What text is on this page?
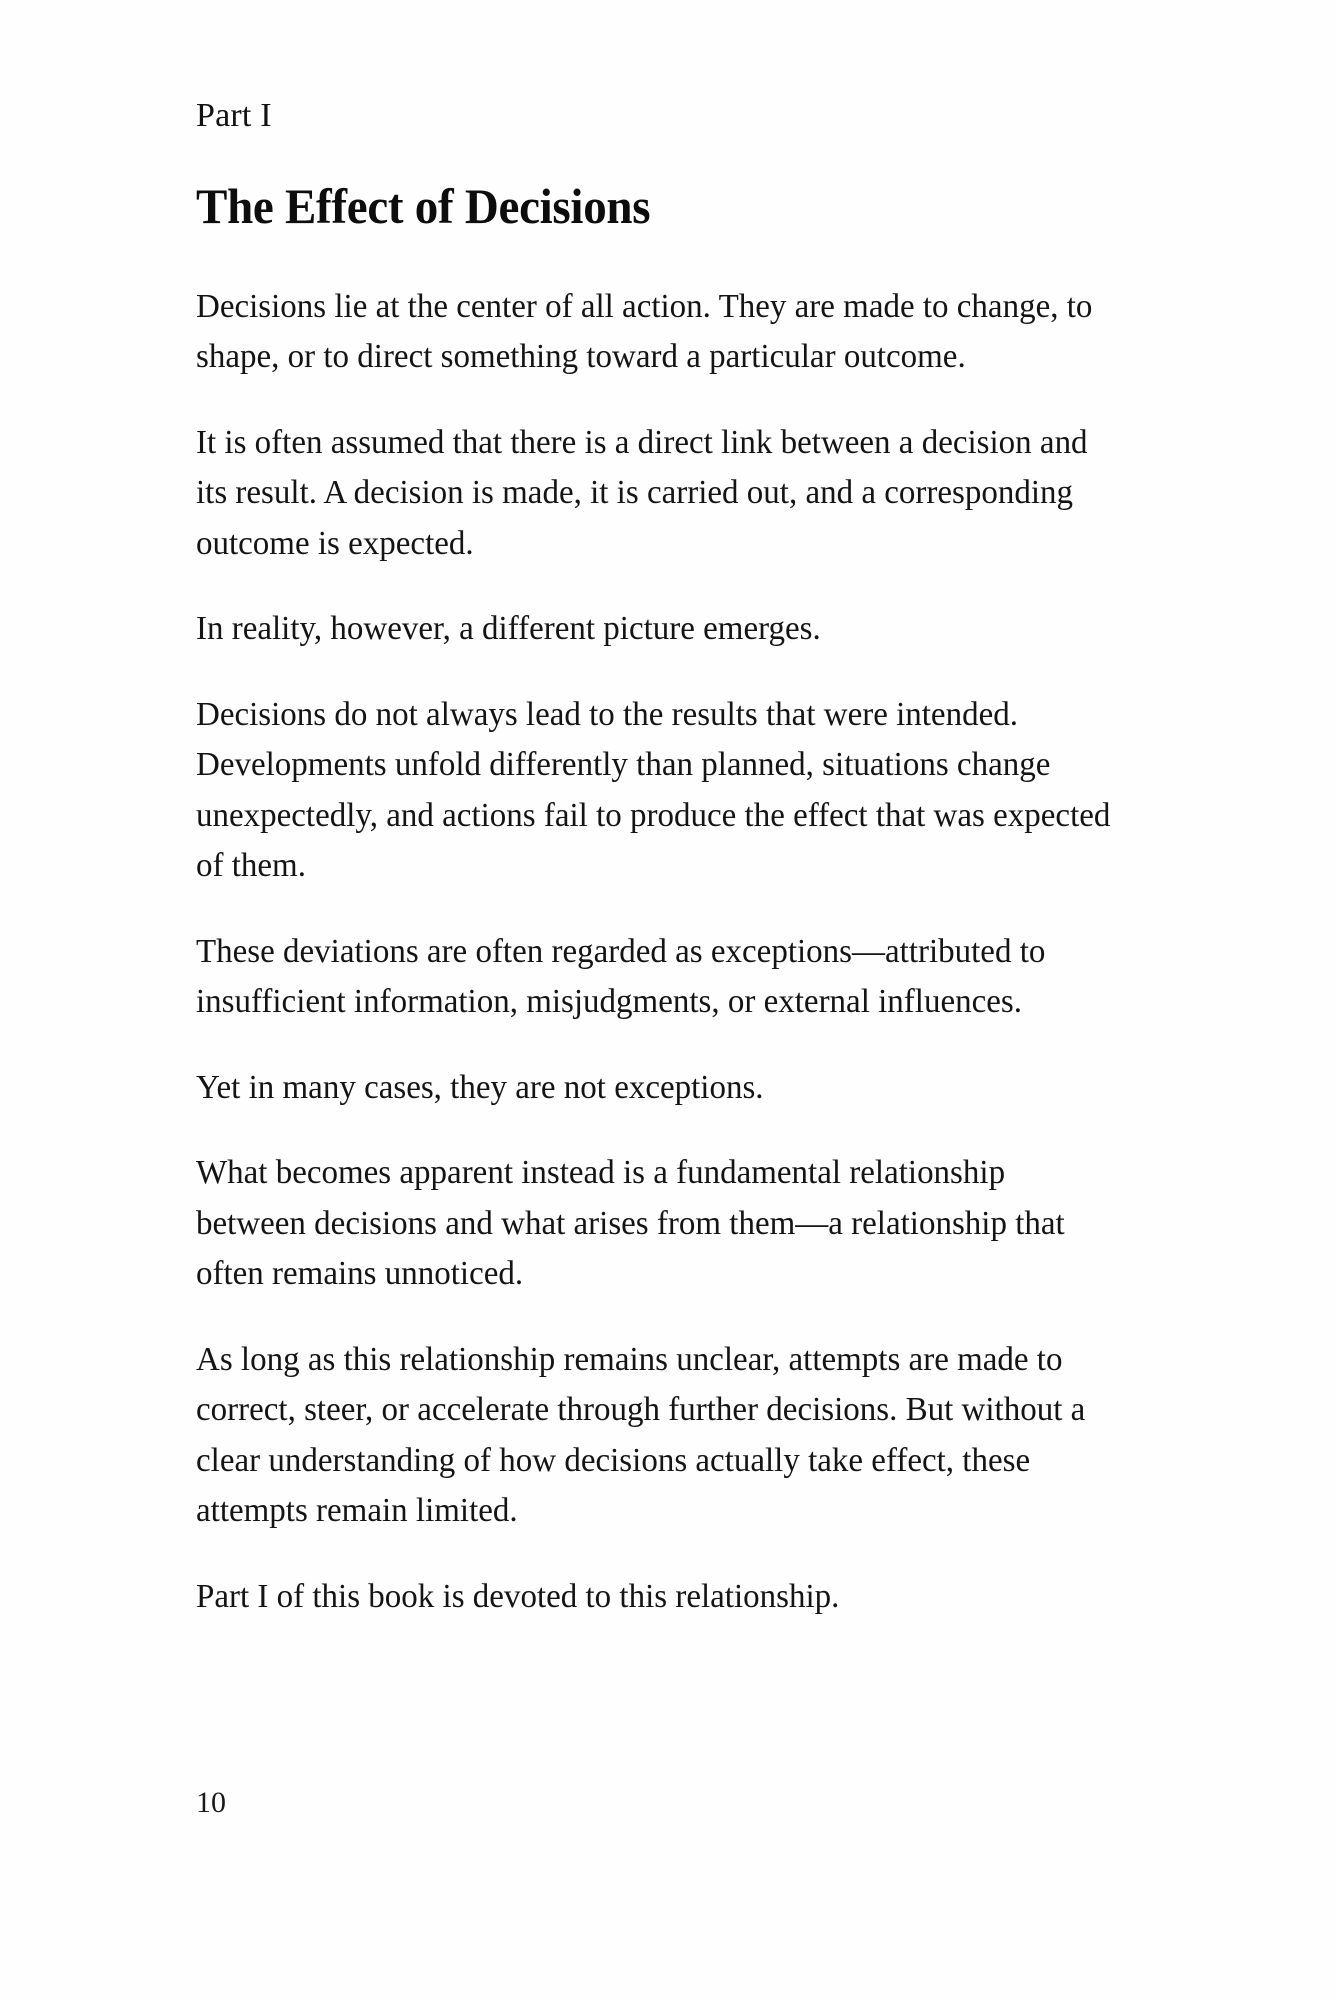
Part I
The Effect of Decisions

Decisions lie at the center of all action. They are made to change, to shape, or to direct something toward a particular outcome.

It is often assumed that there is a direct link between a decision and its result. A decision is made, it is carried out, and a corresponding outcome is expected.

In reality, however, a different picture emerges.

Decisions do not always lead to the results that were intended. Developments unfold differently than planned, situations change unexpectedly, and actions fail to produce the effect that was expected of them.

These deviations are often regarded as exceptions—attributed to insufficient information, misjudgments, or external influences.

Yet in many cases, they are not exceptions.

What becomes apparent instead is a fundamental relationship between decisions and what arises from them—a relationship that often remains unnoticed.

As long as this relationship remains unclear, attempts are made to correct, steer, or accelerate through further decisions. But without a clear understanding of how decisions actually take effect, these attempts remain limited.

Part I of this book is devoted to this relationship.

10
